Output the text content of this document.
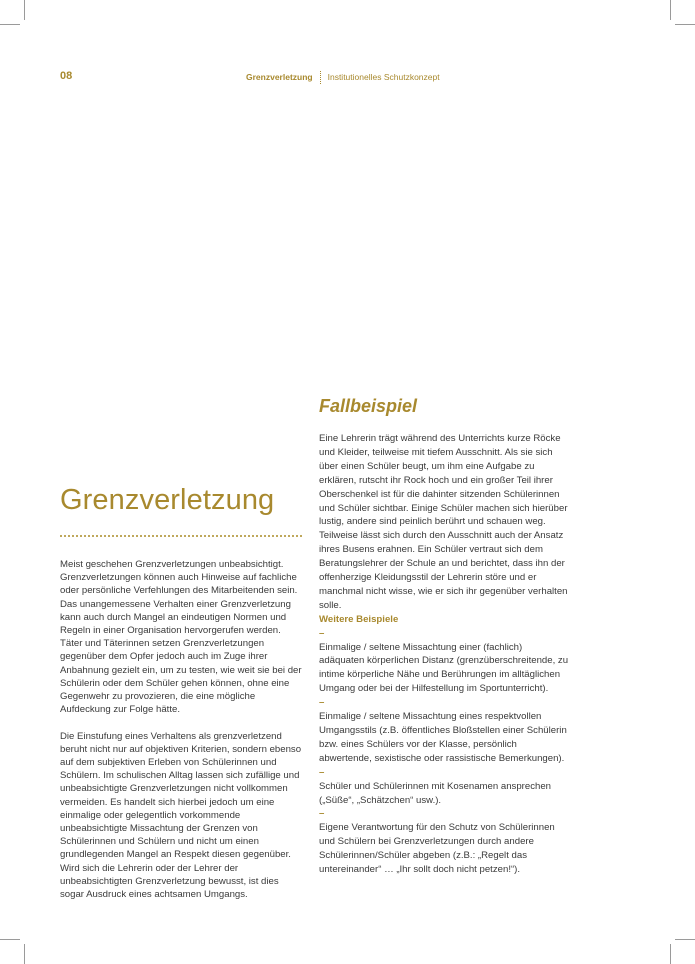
08	Grenzverletzung Institutionelles Schutzkonzept
Fallbeispiel

Eine Lehrerin trägt während des Unterrichts kurze Röcke und Kleider, teilweise mit tiefem Ausschnitt. Als sie sich über einen Schüler beugt, um ihm eine Aufgabe zu erklären, rutscht ihr Rock hoch und ein großer Teil ihrer Oberschenkel ist für die dahinter sitzenden Schülerinnen und Schüler sichtbar. Einige Schüler machen sich hierüber lustig, andere sind peinlich berührt und schauen weg. Teilweise lässt sich durch den Ausschnitt auch der Ansatz ihres Busens erahnen. Ein Schüler vertraut sich dem Beratungslehrer der Schule an und berichtet, dass ihn der offenherzige Kleidungsstil der Lehrerin störe und er manchmal nicht wisse, wie er sich ihr gegenüber verhalten solle.

Weitere Beispiele

–

Einmalige / seltene Missachtung einer (fachlich) adäquaten körperlichen Distanz (grenzüberschreitende, zu intime körperliche Nähe und Berührungen im alltäglichen Umgang oder bei der Hilfestellung im Sportunterricht).

–

Einmalige / seltene Missachtung eines respektvollen Umgangsstils (z.B. öffentliches Bloßstellen einer Schülerin bzw. eines Schülers vor der Klasse, persönlich abwertende, sexistische oder rassistische Bemerkungen).

–

Schüler und Schülerinnen mit Kosenamen ansprechen („Süße“, „Schätzchen“ usw.).

–

Eigene Verantwortung für den Schutz von Schülerinnen und Schülern bei Grenzverletzungen durch andere Schülerinnen/Schüler abgeben (z.B.: „Regelt das untereinander“ … „Ihr sollt doch nicht petzen!“).

Grenzverletzung

Meist geschehen Grenzverletzungen unbeabsichtigt. Grenzverletzungen können auch Hinweise auf fachliche oder persönliche Verfehlungen des Mitarbeitenden sein. Das unangemessene Verhalten einer Grenzverletzung kann auch durch Mangel an eindeutigen Normen und Regeln in einer Organisation hervorgerufen werden. Täter und Täterinnen setzen Grenzverletzungen gegenüber dem Opfer jedoch auch im Zuge ihrer Anbahnung gezielt ein, um zu testen, wie weit sie bei der Schülerin oder dem Schüler gehen können, ohne eine Gegenwehr zu provozieren, die eine mögliche Aufdeckung zur Folge hätte.

Die Einstufung eines Verhaltens als grenzverletzend beruht nicht nur auf objektiven Kriterien, sondern ebenso auf dem subjektiven Erleben von Schülerinnen und Schülern. Im schulischen Alltag lassen sich zufällige und unbeabsichtigte Grenzverletzungen nicht vollkommen vermeiden. Es handelt sich hierbei jedoch um eine einmalige oder gelegentlich vorkommende unbeabsichtigte Missachtung der Grenzen von Schülerinnen und Schülern und nicht um einen grundlegenden Mangel an Respekt diesen gegenüber. Wird sich die Lehrerin oder der Lehrer der unbeabsichtigten Grenzverletzung bewusst, ist dies sogar Ausdruck eines achtsamen Umgangs.
